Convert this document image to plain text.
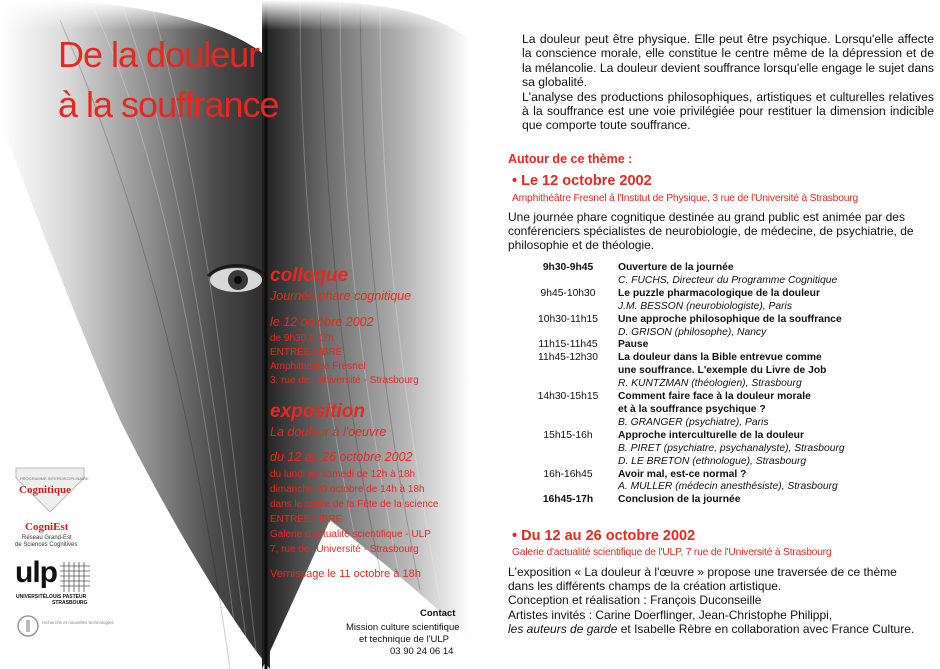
De la douleur
à la souffrance
colloque
Journée phare cognitique
le 12 octobre 2002
de 9h30 à 17h
ENTRÉE LIBRE
Amphithéâtre Fresnel
3, rue de l'Université - Strasbourg
exposition
La douleur à l'oeuvre
du 12 au 26 octobre 2002
du lundi au samedi de 12h à 18h
dimanche 20 octobre de 14h à 18h
dans le cadre de la Fête de la science
ENTRÉE LIBRE
Galerie d'actualité scientifique - ULP
7, rue de l'Université - Strasbourg
Vernissage le 11 octobre à 18h
PROGRAMME INTERDISCIPLINAIRE
Cognitique
CogniEst
Réseau Grand-Est
de Sciences Cognitives
ulp
UNIVERSITÉ LOUIS PASTEUR
STRASBOURG
recherche et nouvelles technologies
Contact
Mission culture scientifique
et technique de l'ULP
03 90 24 06 14

La douleur peut être physique. Elle peut être psychique. Lorsqu'elle affecte la conscience morale, elle constitue le centre même de la dépression et de la mélancolie. La douleur devient souffrance lorsqu'elle engage le sujet dans sa globalité.

L'analyse des productions philosophiques, artistiques et culturelles relatives à la souffrance est une voie privilégiée pour restituer la dimension indicible que comporte toute souffrance.

Autour de ce thème :
• Le 12 octobre 2002
Amphithéâtre Fresnel à l'Institut de Physique, 3 rue de l'Université à Strasbourg
Une journée phare cognitique destinée au grand public est animée par des conférenciers spécialistes de neurobiologie, de médecine, de psychiatrie, de philosophie et de théologie.
9h30-9h45	Ouverture de la journée
C. FUCHS, Directeur du Programme Cognitique
9h45-10h30	Le puzzle pharmacologique de la douleur
J.M. BESSON (neurobiologiste), Paris
10h30-11h15	Une approche philosophique de la souffrance
D. GRISON (philosophe), Nancy
11h15-11h45	Pause
11h45-12h30	La douleur dans la Bible entrevue comme
une souffrance. L'exemple du Livre de Job
R. KUNTZMAN (théologien), Strasbourg
14h30-15h15	Comment faire face à la douleur morale
et à la souffrance psychique ?
B. GRANGER (psychiatre), Paris
15h15-16h	Approche interculturelle de la douleur
B. PIRET (psychiatre, psychanalyste), Strasbourg
D. LE BRETON (ethnologue), Strasbourg
16h-16h45	Avoir mal, est-ce normal ?
A. MULLER (médecin anesthésiste), Strasbourg
16h45-17h	Conclusion de la journée
• Du 12 au 26 octobre 2002
Galerie d'actualité scientifique de l'ULP, 7 rue de l'Université à Strasbourg
L'exposition « La douleur à l'œuvre » propose une traversée de ce thème
dans les différents champs de la création artistique.
Conception et réalisation : François Duconseille
Artistes invités : Carine Doerflinger, Jean-Christophe Philippi,
les auteurs de garde et Isabelle Rèbre en collaboration avec France Culture.
